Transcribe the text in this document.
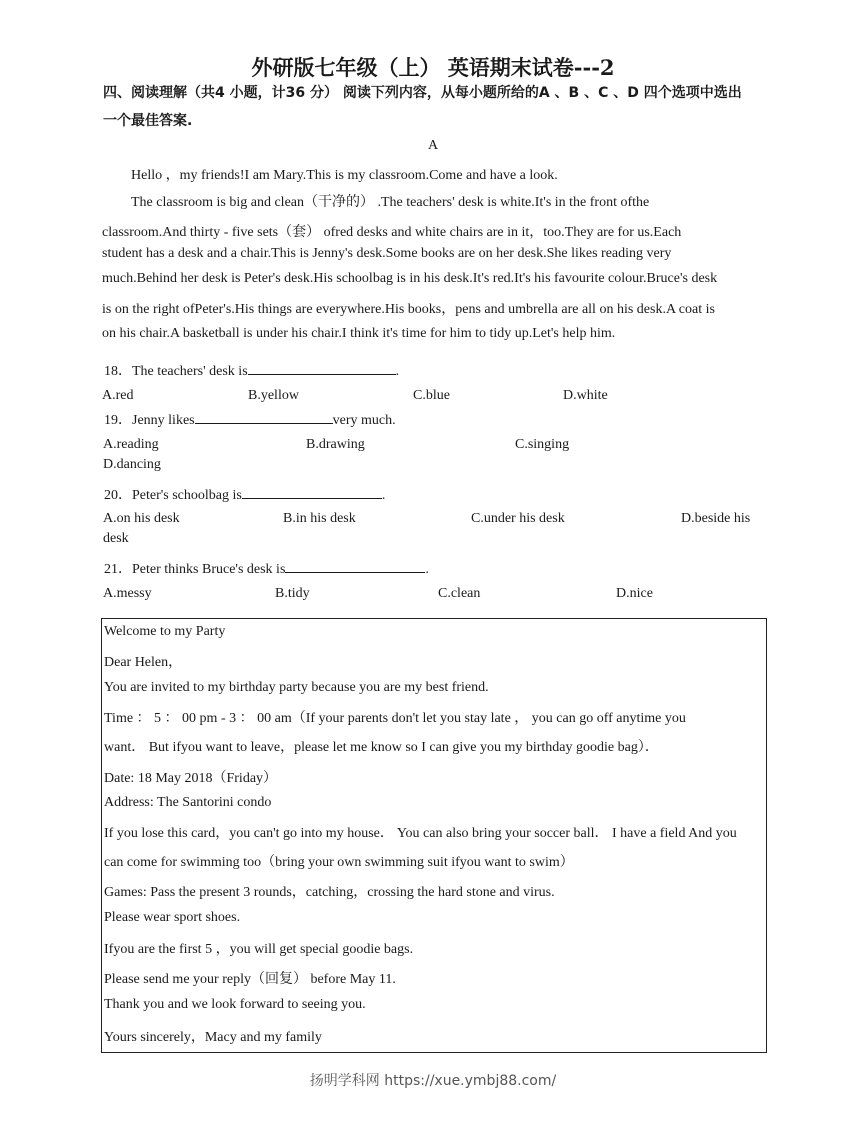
外研版七年级（上） 英语期末试卷---2
四、阅读理解（共4 小题，计36 分） 阅读下列内容，从每小题所给的A 、B 、C 、D 四个选项中选出
一个最佳答案.
A
Hello ，my friends!I am Mary.This is my classroom.Come and have a look.
The classroom is big and clean（干净的） .The teachers' desk is white.It's in the front ofthe
classroom.And thirty - five sets（套） ofred desks and white chairs are in it，too.They are for us.Each
student has a desk and a chair.This is Jenny's desk.Some books are on her desk.She likes reading very
much.Behind her desk is Peter's desk.His schoolbag is in his desk.It's red.It's his favourite colour.Bruce's desk
is on the right ofPeter's.His things are everywhere.His books，pens and umbrella are all on his desk.A coat is
on his chair.A basketball is under his chair.I think it's time for him to tidy up.Let's help him.
18．The teachers' desk is	.
A.red	B.yellow	C.blue	D.white
19．Jenny likes	very much.
A.reading	B.drawing	C.singing
D.dancing
20．Peter's schoolbag is	.
A.on his desk	B.in his desk	C.under his desk	D.beside his
desk
21．Peter thinks Bruce's desk is	.
A.messy	B.tidy	C.clean	D.nice
Welcome to my Party
Dear Helen，
You are invited to my birthday party because you are my best friend.
Time ： 5 ： 00 pm - 3 ： 00 am（If your parents don't let you stay late ， you can go off anytime you
want． But ifyou want to leave，please let me know so I can give you my birthday goodie bag）．
Date: 18 May 2018（Friday）
Address: The Santorini condo
If you lose this card，you can't go into my house． You can also bring your soccer ball． I have a field And you
can come for swimming too（bring your own swimming suit ifyou want to swim）
Games: Pass the present 3 rounds，catching，crossing the hard stone and virus.
Please wear sport shoes.
Ifyou are the first 5 ，you will get special goodie bags.
Please send me your reply（回复） before May 11.
Thank you and we look forward to seeing you.
Yours sincerely，Macy and my family
扬明学科网 https://xue.ymbj88.com/
